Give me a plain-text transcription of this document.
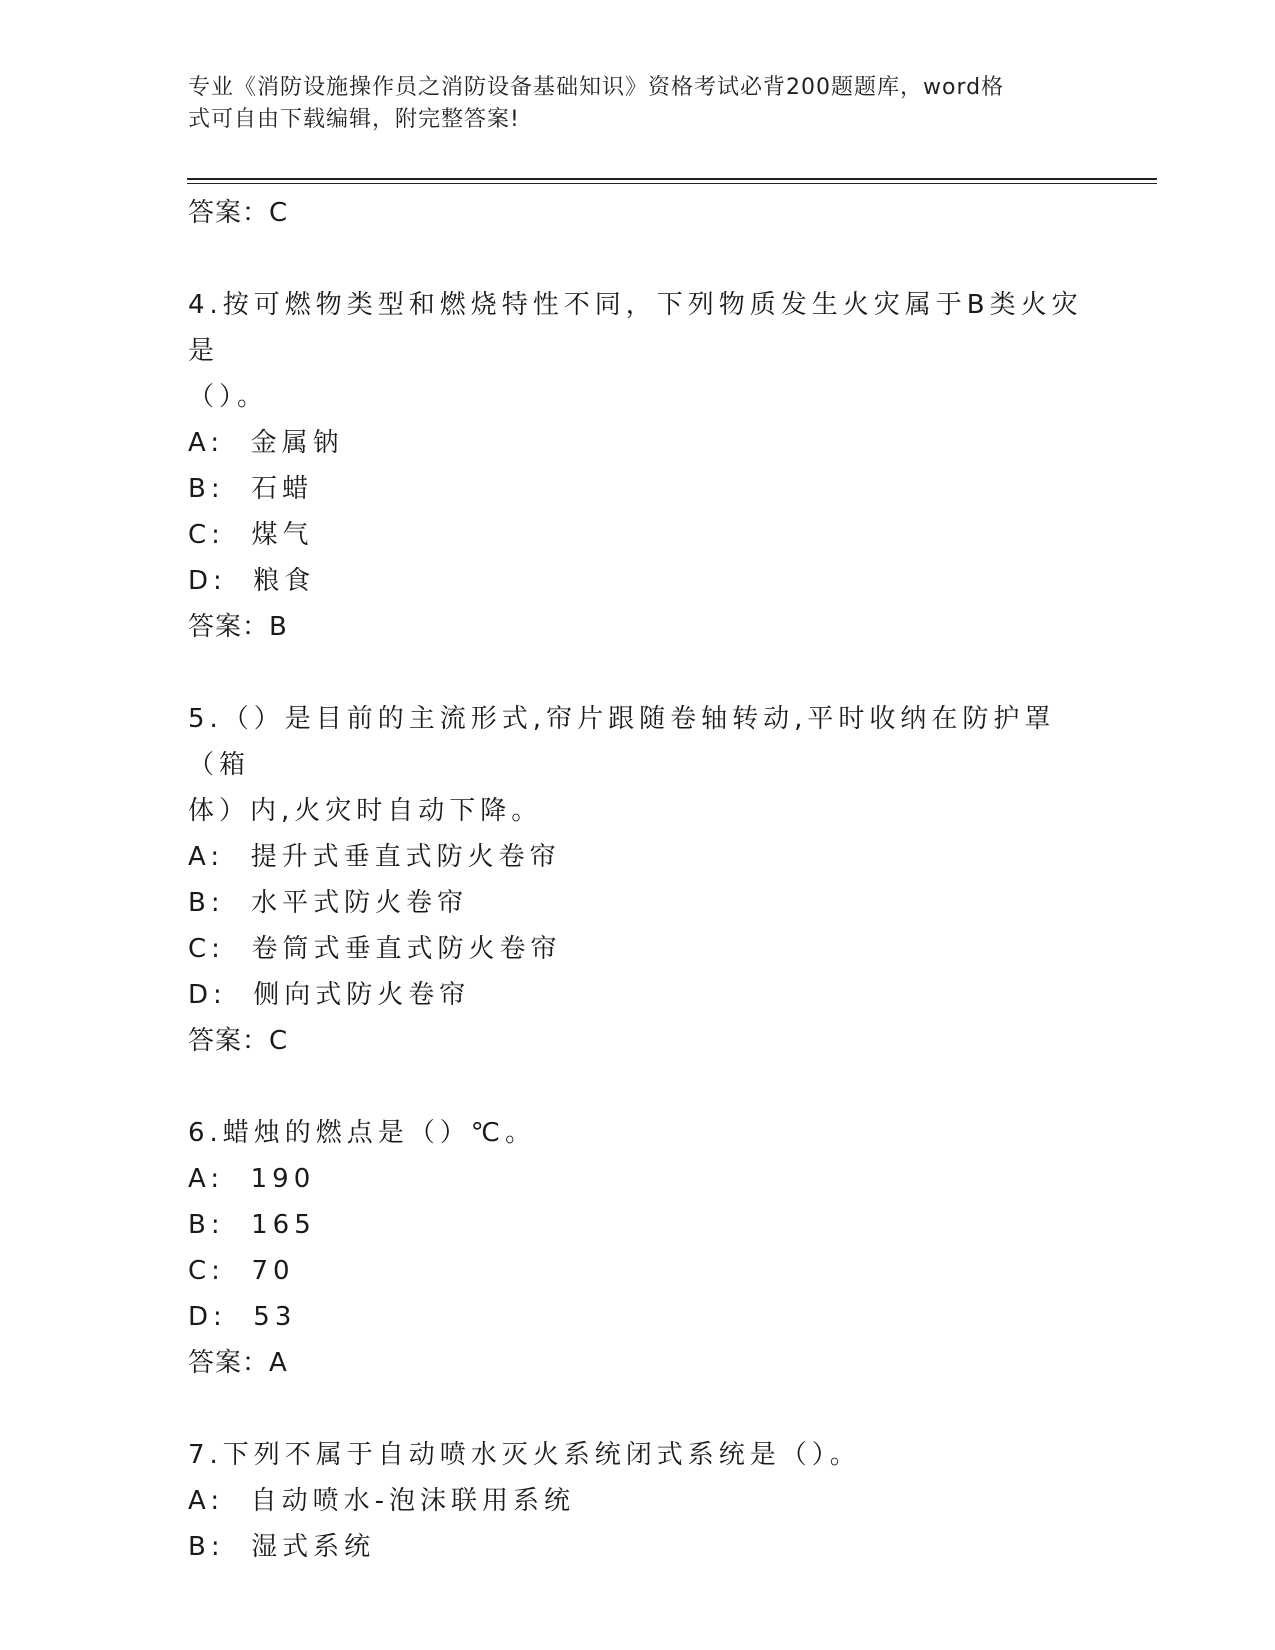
专业《消防设施操作员之消防设备基础知识》资格考试必背200题题库，word格
式可自由下载编辑，附完整答案!
答案：C
4.按可燃物类型和燃烧特性不同，下列物质发生火灾属于B类火灾是
（）。
A:  金属钠
B:  石蜡
C:  煤气
D:  粮食
答案：B
5.（）是目前的主流形式,帘片跟随卷轴转动,平时收纳在防护罩（箱
体）内,火灾时自动下降。
A:  提升式垂直式防火卷帘
B:  水平式防火卷帘
C:  卷筒式垂直式防火卷帘
D:  侧向式防火卷帘
答案：C
6.蜡烛的燃点是（）℃。
A:  190
B:  165
C:  70
D:  53
答案：A
7.下列不属于自动喷水灭火系统闭式系统是（）。
A:  自动喷水-泡沫联用系统
B:  湿式系统
